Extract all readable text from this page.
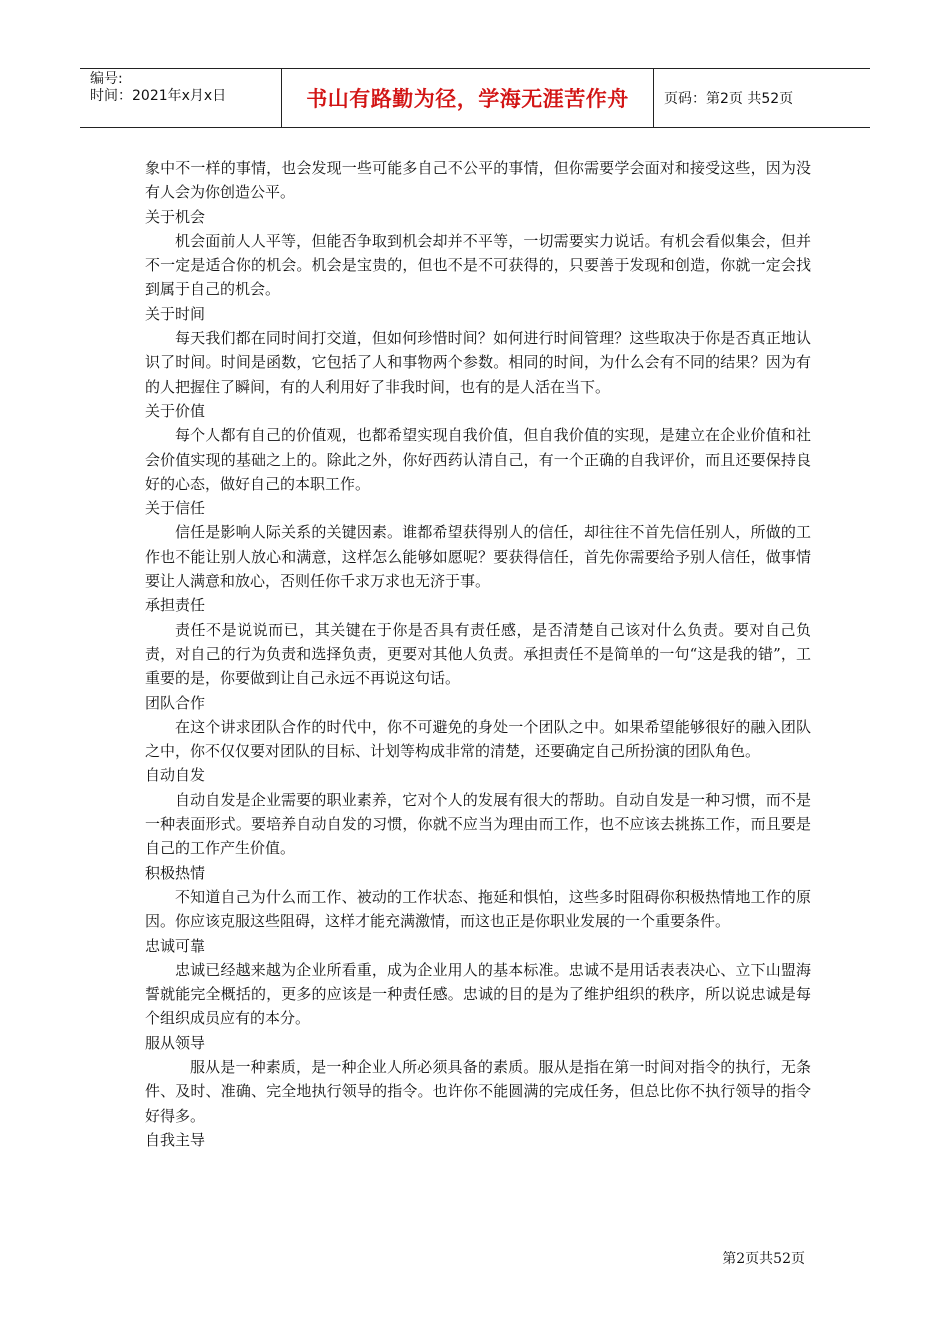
编号:
时间：2021年x月x日	书山有路勤为径，学海无涯苦作舟	页码：第2页 共52页

象中不一样的事情，也会发现一些可能多自己不公平的事情，但你需要学会面对和接受这些，因为没有人会为你创造公平。

关于机会

机会面前人人平等，但能否争取到机会却并不平等，一切需要实力说话。有机会看似集会，但并不一定是适合你的机会。机会是宝贵的，但也不是不可获得的，只要善于发现和创造，你就一定会找到属于自己的机会。

关于时间

每天我们都在同时间打交道，但如何珍惜时间？如何进行时间管理？这些取决于你是否真正地认识了时间。时间是函数，它包括了人和事物两个参数。相同的时间，为什么会有不同的结果？因为有的人把握住了瞬间，有的人利用好了非我时间，也有的是人活在当下。

关于价值

每个人都有自己的价值观，也都希望实现自我价值，但自我价值的实现，是建立在企业价值和社会价值实现的基础之上的。除此之外，你好西药认清自己，有一个正确的自我评价，而且还要保持良好的心态，做好自己的本职工作。

关于信任

信任是影响人际关系的关键因素。谁都希望获得别人的信任，却往往不首先信任别人，所做的工作也不能让别人放心和满意，这样怎么能够如愿呢？要获得信任，首先你需要给予别人信任，做事情要让人满意和放心，否则任你千求万求也无济于事。

承担责任

责任不是说说而已，其关键在于你是否具有责任感，是否清楚自己该对什么负责。要对自己负责，对自己的行为负责和选择负责，更要对其他人负责。承担责任不是简单的一句“这是我的错”，工重要的是，你要做到让自己永远不再说这句话。

团队合作

在这个讲求团队合作的时代中，你不可避免的身处一个团队之中。如果希望能够很好的融入团队之中，你不仅仅要对团队的目标、计划等构成非常的清楚，还要确定自己所扮演的团队角色。

自动自发

自动自发是企业需要的职业素养，它对个人的发展有很大的帮助。自动自发是一种习惯，而不是一种表面形式。要培养自动自发的习惯，你就不应当为理由而工作，也不应该去挑拣工作，而且要是自己的工作产生价值。

积极热情

不知道自己为什么而工作、被动的工作状态、拖延和惧怕，这些多时阻碍你积极热情地工作的原因。你应该克服这些阻碍，这样才能充满激情，而这也正是你职业发展的一个重要条件。

忠诚可靠

忠诚已经越来越为企业所看重，成为企业用人的基本标准。忠诚不是用话表表决心、立下山盟海誓就能完全概括的，更多的应该是一种责任感。忠诚的目的是为了维护组织的秩序，所以说忠诚是每个组织成员应有的本分。

服从领导

服从是一种素质，是一种企业人所必须具备的素质。服从是指在第一时间对指令的执行，无条件、及时、准确、完全地执行领导的指令。也许你不能圆满的完成任务，但总比你不执行领导的指令好得多。

自我主导

第2页共52页
